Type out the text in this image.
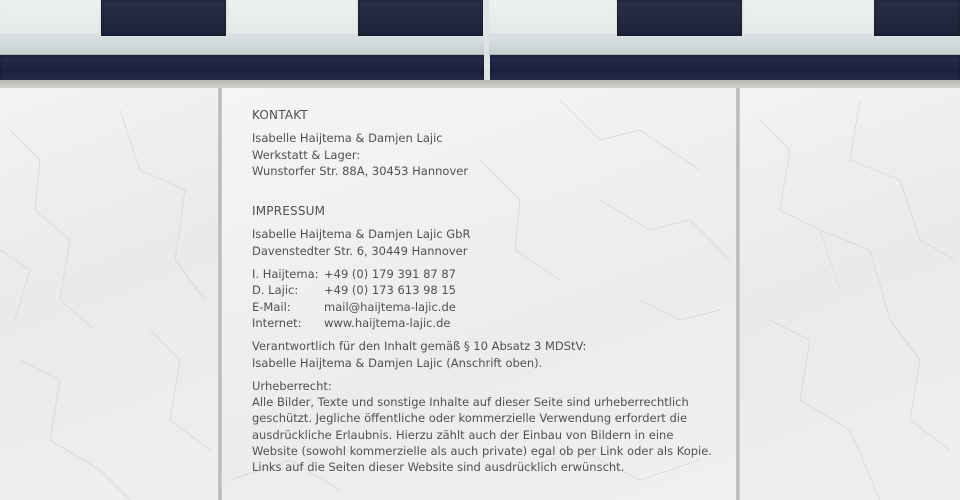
KONTAKT
Isabelle Haijtema & Damjen Lajic
Werkstatt & Lager:
Wunstorfer Str. 88A, 30453 Hannover
IMPRESSUM
Isabelle Haijtema & Damjen Lajic GbR
Davenstedter Str. 6, 30449 Hannover
I. Haijtema: +49 (0) 179 391 87 87
D. Lajic:	+49 (0) 173 613 98 15
E-Mail:	mail@haijtema-lajic.de
Internet:	www.haijtema-lajic.de
Verantwortlich für den Inhalt gemäß § 10 Absatz 3 MDStV:
Isabelle Haijtema & Damjen Lajic (Anschrift oben).
Urheberrecht:
Alle Bilder, Texte und sonstige Inhalte auf dieser Seite sind urheberrechtlich geschützt. Jegliche öffentliche oder kommerzielle Verwendung erfordert die ausdrückliche Erlaubnis. Hierzu zählt auch der Einbau von Bildern in eine Website (sowohl kommerzielle als auch private) egal ob per Link oder als Kopie. Links auf die Seiten dieser Website sind ausdrücklich erwünscht.
